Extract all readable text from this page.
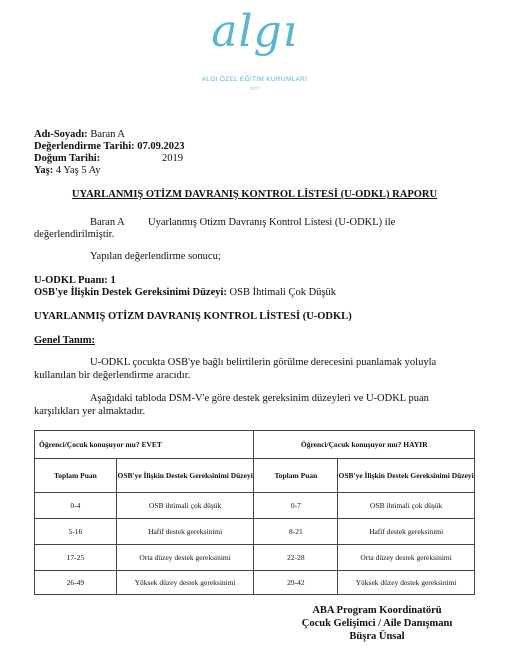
algı
ALGI ÖZEL EĞİTİM KURUMLARI
2007
Adı-Soyadı: Baran A
Değerlendirme Tarihi: 07.09.2023
Doğum Tarihi:	2019
Yaş: 4 Yaş 5 Ay
UYARLANMIŞ OTİZM DAVRANIŞ KONTROL LİSTESİ (U-ODKL) RAPORU
Baran A Uyarlanmış Otizm Davranış Kontrol Listesi (U-ODKL) ile
değerlendirilmiştir.
Yapılan değerlendirme sonucu;
U-ODKL Puanı: 1
OSB'ye İlişkin Destek Gereksinimi Düzeyi: OSB İhtimali Çok Düşük
UYARLANMIŞ OTİZM DAVRANIŞ KONTROL LİSTESİ (U-ODKL)
Genel Tanım:
U-ODKL çocukta OSB'ye bağlı belirtilerin görülme derecesini puanlamak yoluyla
kullanılan bir değerlendirme aracıdır.
Aşağıdaki tabloda DSM-V'e göre destek gereksinim düzeyleri ve U-ODKL puan
karşılıkları yer almaktadır.
Öğrenci/Çocuk konuşuyor mu? EVET		Öğrenci/Çocuk konuşuyor mu? HAYIR	
Toplam Puan	OSB'ye İlişkin Destek Gereksinimi Düzeyi	Toplam Puan	OSB'ye İlişkin Destek Gereksinimi Düzeyi
0-4	OSB ihtimali çok düşük	0-7	OSB ihtimali çok düşük
5-16	Hafif destek gereksinimi	8-21	Hafif destek gereksinimi
17-25	Orta düzey destek gereksinimi	22-28	Orta düzey destek gereksinimi
26-49	Yüksek düzey destek gereksinimi	29-42	Yüksek düzey destek gereksinimi
ABA Program Koordinatörü
Çocuk Gelişimci / Aile Danışmanı
Büşra Ünsal
